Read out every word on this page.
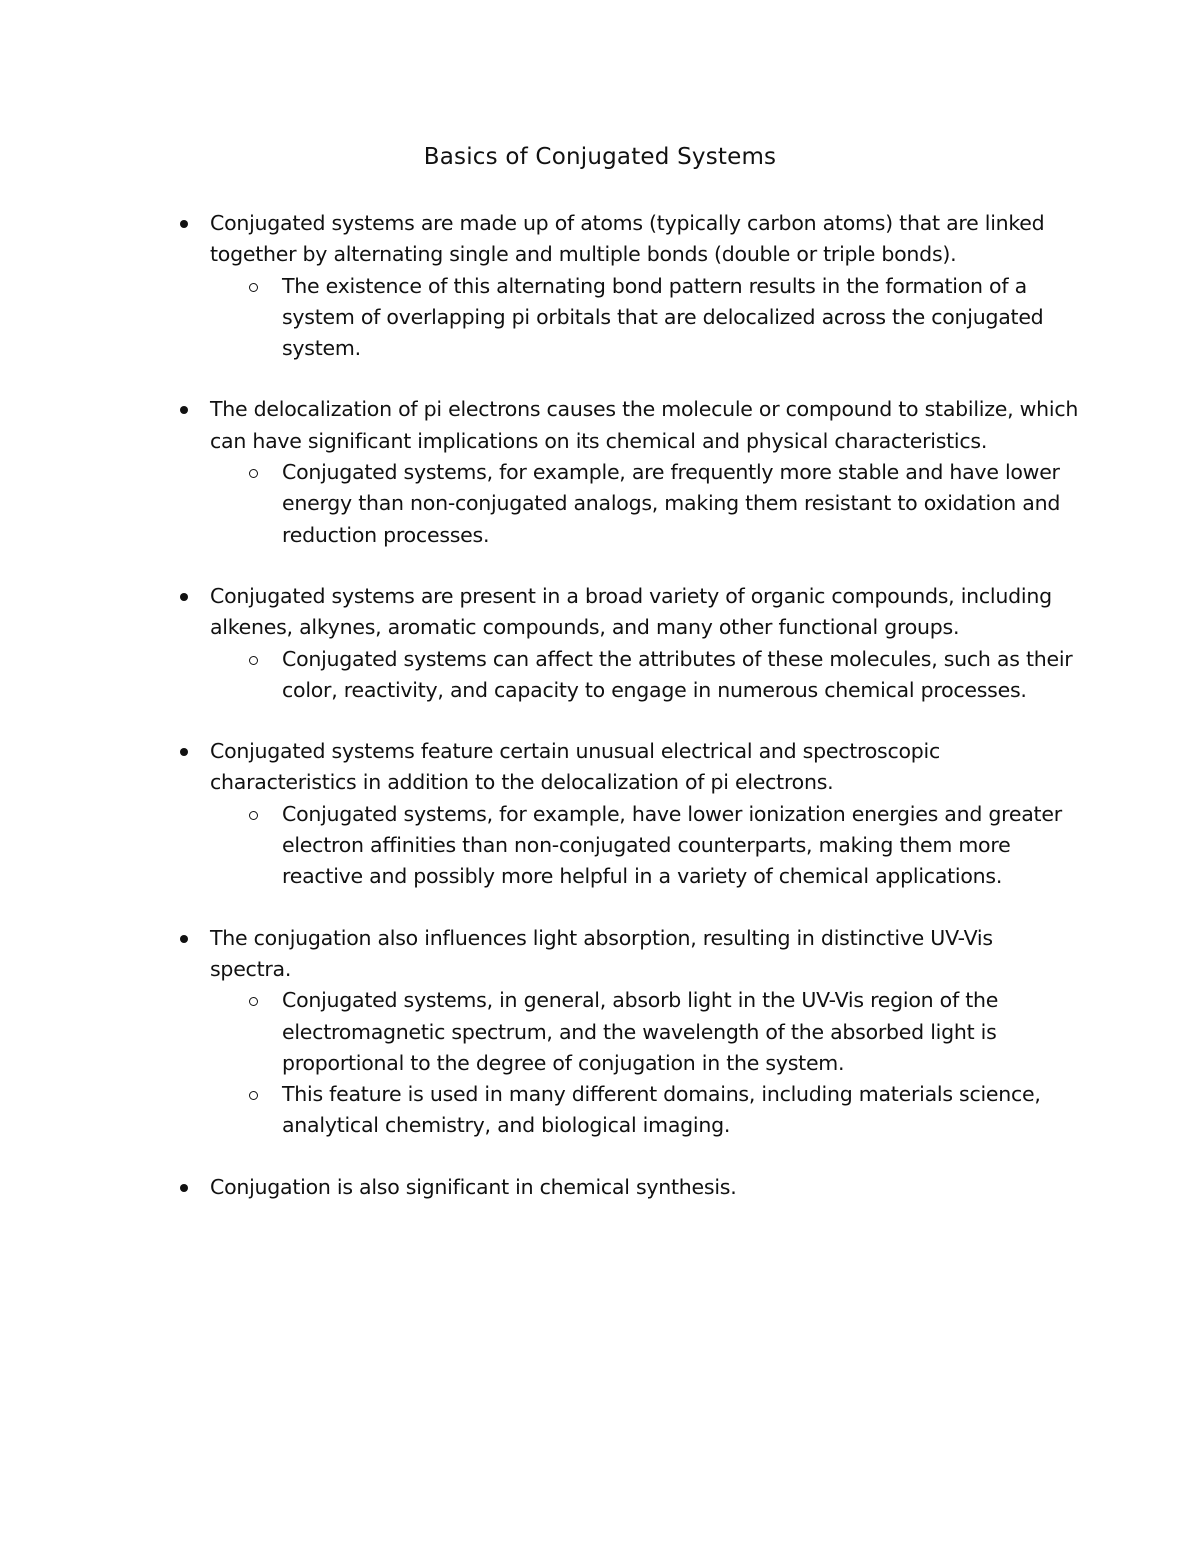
Basics of Conjugated Systems
Conjugated systems are made up of atoms (typically carbon atoms) that are linked together by alternating single and multiple bonds (double or triple bonds).
The existence of this alternating bond pattern results in the formation of a system of overlapping pi orbitals that are delocalized across the conjugated system.
The delocalization of pi electrons causes the molecule or compound to stabilize, which can have significant implications on its chemical and physical characteristics.
Conjugated systems, for example, are frequently more stable and have lower energy than non-conjugated analogs, making them resistant to oxidation and reduction processes.
Conjugated systems are present in a broad variety of organic compounds, including alkenes, alkynes, aromatic compounds, and many other functional groups.
Conjugated systems can affect the attributes of these molecules, such as their color, reactivity, and capacity to engage in numerous chemical processes.
Conjugated systems feature certain unusual electrical and spectroscopic characteristics in addition to the delocalization of pi electrons.
Conjugated systems, for example, have lower ionization energies and greater electron affinities than non-conjugated counterparts, making them more reactive and possibly more helpful in a variety of chemical applications.
The conjugation also influences light absorption, resulting in distinctive UV-Vis spectra.
Conjugated systems, in general, absorb light in the UV-Vis region of the electromagnetic spectrum, and the wavelength of the absorbed light is proportional to the degree of conjugation in the system.
This feature is used in many different domains, including materials science, analytical chemistry, and biological imaging.
Conjugation is also significant in chemical synthesis.
